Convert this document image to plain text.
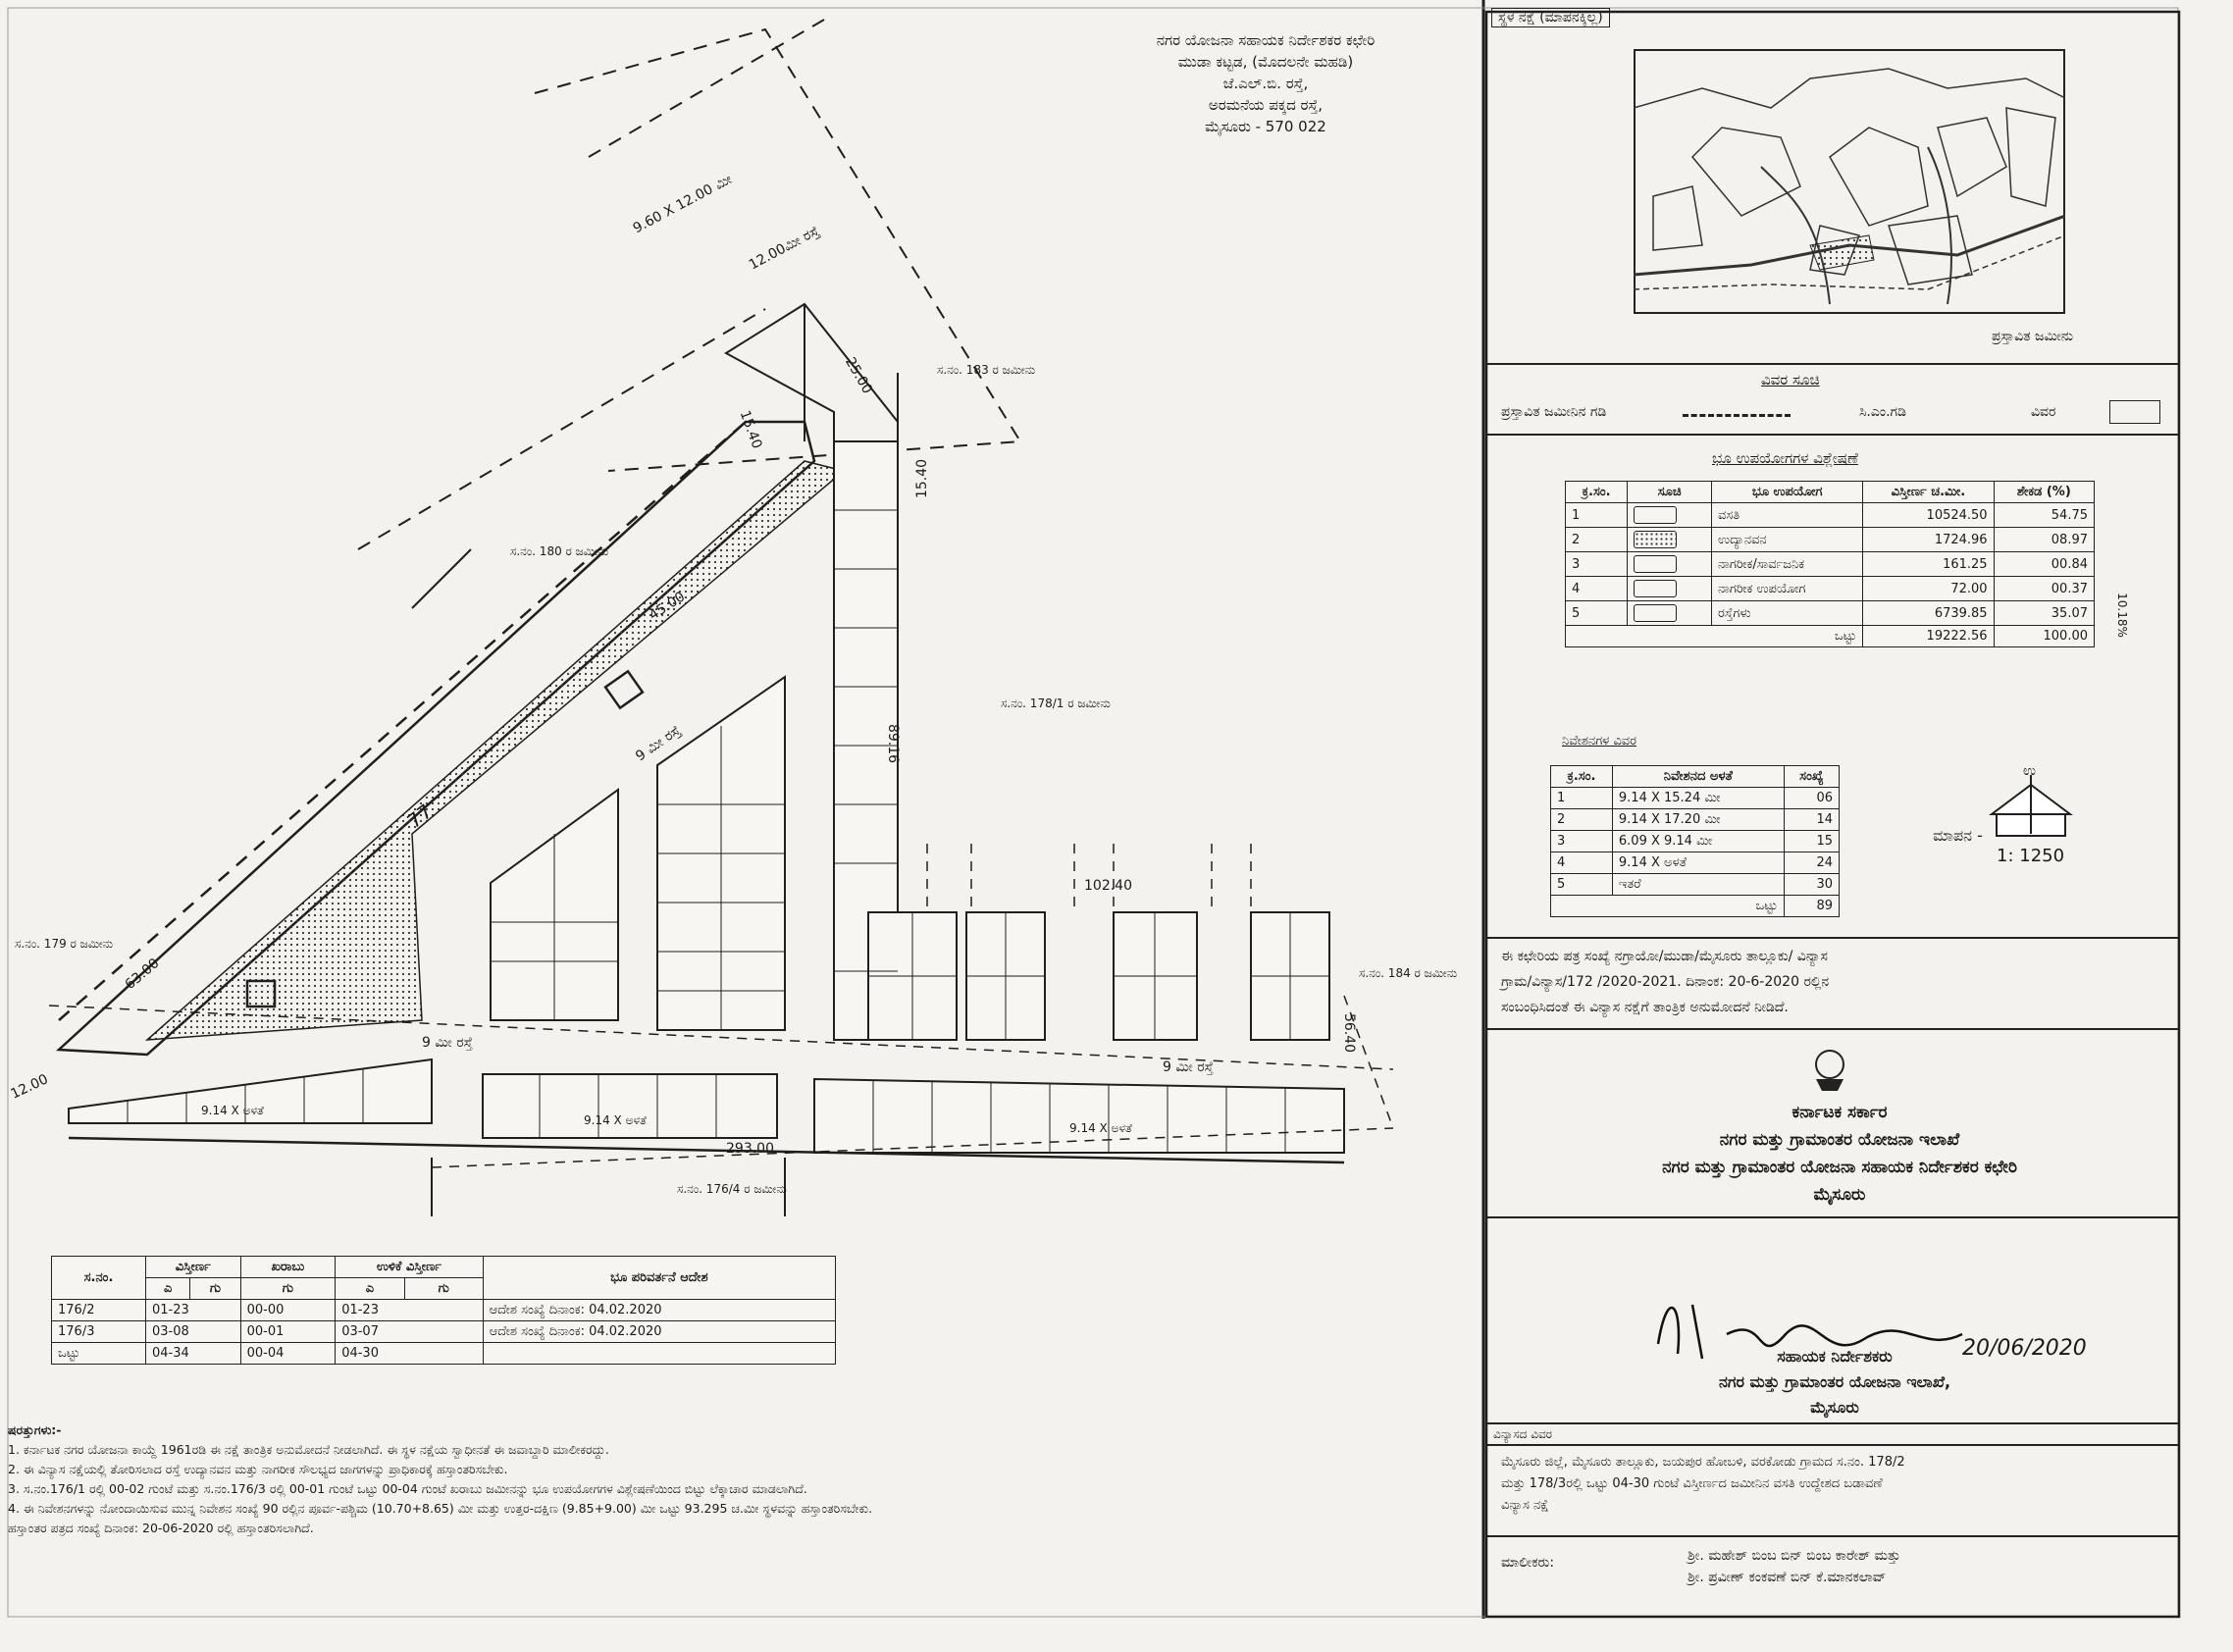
ನಗರ ಯೋಜನಾ ಸಹಾಯಕ ನಿರ್ದೇಶಕರ ಕಛೇರಿ
ಮುಡಾ ಕಟ್ಟಡ, (ಮೊದಲನೇ ಮಹಡಿ)
ಜೆ.ಎಲ್.ಬಿ. ರಸ್ತೆ,
ಅರಮನೆಯ ಪಕ್ಕದ ರಸ್ತೆ,
ಮೈಸೂರು - 570 022
9.60 X 12.00 ಮೀ
12.00ಮೀ ರಸ್ತೆ
15.40
15.40
25.00
45.00
89.16
102.40
293.00
56.40
63.00
12.00
9 ಮೀ ರಸ್ತೆ
9 ಮೀ ರಸ್ತೆ
9 ಮೀ ರಸ್ತೆ
77
ಸ.ನಂ. 180 ರ ಜಮೀನು
ಸ.ನಂ. 183 ರ ಜಮೀನು
ಸ.ನಂ. 179 ರ ಜಮೀನು
ಸ.ನಂ. 178/1 ರ ಜಮೀನು
ಸ.ನಂ. 184 ರ ಜಮೀನು
ಸ.ನಂ. 176/4 ರ ಜಮೀನು
9.14 X ಅಳತೆ
9.14 X ಅಳತೆ
9.14 X ಅಳತೆ
1: 1250
ಮಾಪನ -
ಉ
ಸ್ಥಳ ನಕ್ಷೆ (ಮಾಪನಕ್ಕಿಲ್ಲ)
ಪ್ರಸ್ತಾವಿತ ಜಮೀನು
ವಿವರ ಸೂಚಿ
ಪ್ರಸ್ತಾವಿತ ಜಮೀನಿನ ಗಡಿ	ಸಿ.ಎಂ.ಗಡಿ	ವಿವರ
ಭೂ ಉಪಯೋಗಗಳ ವಿಶ್ಲೇಷಣೆ
ಕ್ರ.ಸಂ.	ಸೂಚಿ	ಭೂ ಉಪಯೋಗ	ವಿಸ್ತೀರ್ಣ ಚ.ಮೀ.	ಶೇಕಡ (%)
1		ವಸತಿ	10524.50	54.75
2		ಉದ್ಯಾನವನ	1724.96	08.97
3		ನಾಗರೀಕ/ಸಾರ್ವಜನಿಕ	161.25	00.84
4		ನಾಗರೀಕ ಉಪಯೋಗ	72.00	00.37
5		ರಸ್ತೆಗಳು	6739.85	35.07
ಒಟ್ಟು			19222.56	100.00 10.18%
ನಿವೇಶನಗಳ ವಿವರ
ಕ್ರ.ಸಂ.	ನಿವೇಶನದ ಅಳತೆ	ಸಂಖ್ಯೆ
1	9.14 X 15.24 ಮೀ	06
2	9.14 X 17.20 ಮೀ	14
3	6.09 X 9.14 ಮೀ	15
4	9.14 X ಅಳತೆ	24
5	ಇತರೆ	30
ಒಟ್ಟು		89
ಈ ಕಛೇರಿಯ ಪತ್ರ ಸಂಖ್ಯೆ ನಗ್ರಾಯೋ/ಮುಡಾ/ಮೈಸೂರು ತಾಲ್ಲೂಕು/ ವಿನ್ಯಾಸ
ಗ್ರಾಮ/ವಿನ್ಯಾಸ/172 /2020-2021. ದಿನಾಂಕ: 20-6-2020 ರಲ್ಲಿನ
ಸಂಬಂಧಿಸಿದಂತೆ ಈ ವಿನ್ಯಾಸ ನಕ್ಷೆಗೆ ತಾಂತ್ರಿಕ ಅನುಮೋದನೆ ನೀಡಿದೆ.
ಕರ್ನಾಟಕ ಸರ್ಕಾರ
ನಗರ ಮತ್ತು ಗ್ರಾಮಾಂತರ ಯೋಜನಾ ಇಲಾಖೆ
ನಗರ ಮತ್ತು ಗ್ರಾಮಾಂತರ ಯೋಜನಾ ಸಹಾಯಕ ನಿರ್ದೇಶಕರ ಕಛೇರಿ
ಮೈಸೂರು
20/06/2020
ಸಹಾಯಕ ನಿರ್ದೇಶಕರು
ನಗರ ಮತ್ತು ಗ್ರಾಮಾಂತರ ಯೋಜನಾ ಇಲಾಖೆ,
ಮೈಸೂರು
ವಿನ್ಯಾಸದ ವಿವರ
ಮೈಸೂರು ಜಿಲ್ಲೆ, ಮೈಸೂರು ತಾಲ್ಲೂಕು, ಜಯಪುರ ಹೋಬಳಿ, ವರಕೋಡು ಗ್ರಾಮದ ಸ.ನಂ. 178/2
ಮತ್ತು 178/3ರಲ್ಲಿ ಒಟ್ಟು 04-30 ಗುಂಟೆ ವಿಸ್ತೀರ್ಣದ ಜಮೀನಿನ ವಸತಿ ಉದ್ದೇಶದ ಬಡಾವಣೆ
ವಿನ್ಯಾಸ ನಕ್ಷೆ
ಮಾಲೀಕರು:	ಶ್ರೀ. ಮಹೇಶ್ ಬಿಂಬ ಬಿನ್ ಬಿಂಬ ಕಾರೇಶ್ ಮತ್ತು
ಶ್ರೀ. ಪ್ರವೀಣ್ ಕಂಕವಣೆ ಬಿನ್ ಕೆ.ಮಾನಕಲಾವ್
ಸ.ನಂ.	ವಿಸ್ತೀರ್ಣ		ಖರಾಬು	ಉಳಿಕೆ ವಿಸ್ತೀರ್ಣ		ಭೂ ಪರಿವರ್ತನೆ ಆದೇಶ
	ಎ	ಗು	ಗು	ಎ	ಗು	
176/2	01-23		00-00	01-23		ಆದೇಶ ಸಂಖ್ಯೆ ದಿನಾಂಕ: 04.02.2020
176/3	03-08		00-01	03-07		ಆದೇಶ ಸಂಖ್ಯೆ ದಿನಾಂಕ: 04.02.2020
ಒಟ್ಟು	04-34		00-04	04-30		
ಷರತ್ತುಗಳು:-
1. ಕರ್ನಾಟಕ ನಗರ ಯೋಜನಾ ಕಾಯ್ದೆ 1961ರಡಿ ಈ ನಕ್ಷೆ ತಾಂತ್ರಿಕ ಅನುಮೋದನೆ ನೀಡಲಾಗಿದೆ. ಈ ಸ್ಥಳ ನಕ್ಷೆಯ ಸ್ವಾಧೀನತೆ ಈ ಜವಾಬ್ದಾರಿ ಮಾಲೀಕರದ್ದು.
2. ಈ ವಿನ್ಯಾಸ ನಕ್ಷೆಯಲ್ಲಿ ತೋರಿಸಲಾದ ರಸ್ತೆ ಉದ್ಯಾನವನ ಮತ್ತು ನಾಗರೀಕ ಸೌಲಭ್ಯದ ಜಾಗಗಳನ್ನು ಪ್ರಾಧಿಕಾರಕ್ಕೆ ಹಸ್ತಾಂತರಿಸಬೇಕು.
3. ಸ.ನಂ.176/1 ರಲ್ಲಿ 00-02 ಗುಂಟೆ ಮತ್ತು ಸ.ನಂ.176/3 ರಲ್ಲಿ 00-01 ಗುಂಟೆ ಒಟ್ಟು 00-04 ಗುಂಟೆ ಖರಾಬು ಜಮೀನನ್ನು ಭೂ ಉಪಯೋಗಗಳ ವಿಶ್ಲೇಷಣೆಯಿಂದ ಬಿಟ್ಟು ಲೆಕ್ಕಾಚಾರ ಮಾಡಲಾಗಿದೆ.
4. ಈ ನಿವೇಶನಗಳನ್ನು ನೋಂದಾಯಿಸುವ ಮುನ್ನ ನಿವೇಶನ ಸಂಖ್ಯೆ 90 ರಲ್ಲಿನ ಪೂರ್ವ-ಪಶ್ಚಿಮ (10.70+8.65) ಮೀ ಮತ್ತು ಉತ್ತರ-ದಕ್ಷಿಣ (9.85+9.00) ಮೀ ಒಟ್ಟು 93.295 ಚ.ಮೀ ಸ್ಥಳವನ್ನು ಹಸ್ತಾಂತರಿಸಬೇಕು.
ಹಸ್ತಾಂತರ ಪತ್ರದ ಸಂಖ್ಯೆ ದಿನಾಂಕ: 20-06-2020 ರಲ್ಲಿ ಹಸ್ತಾಂತರಿಸಲಾಗಿದೆ.
